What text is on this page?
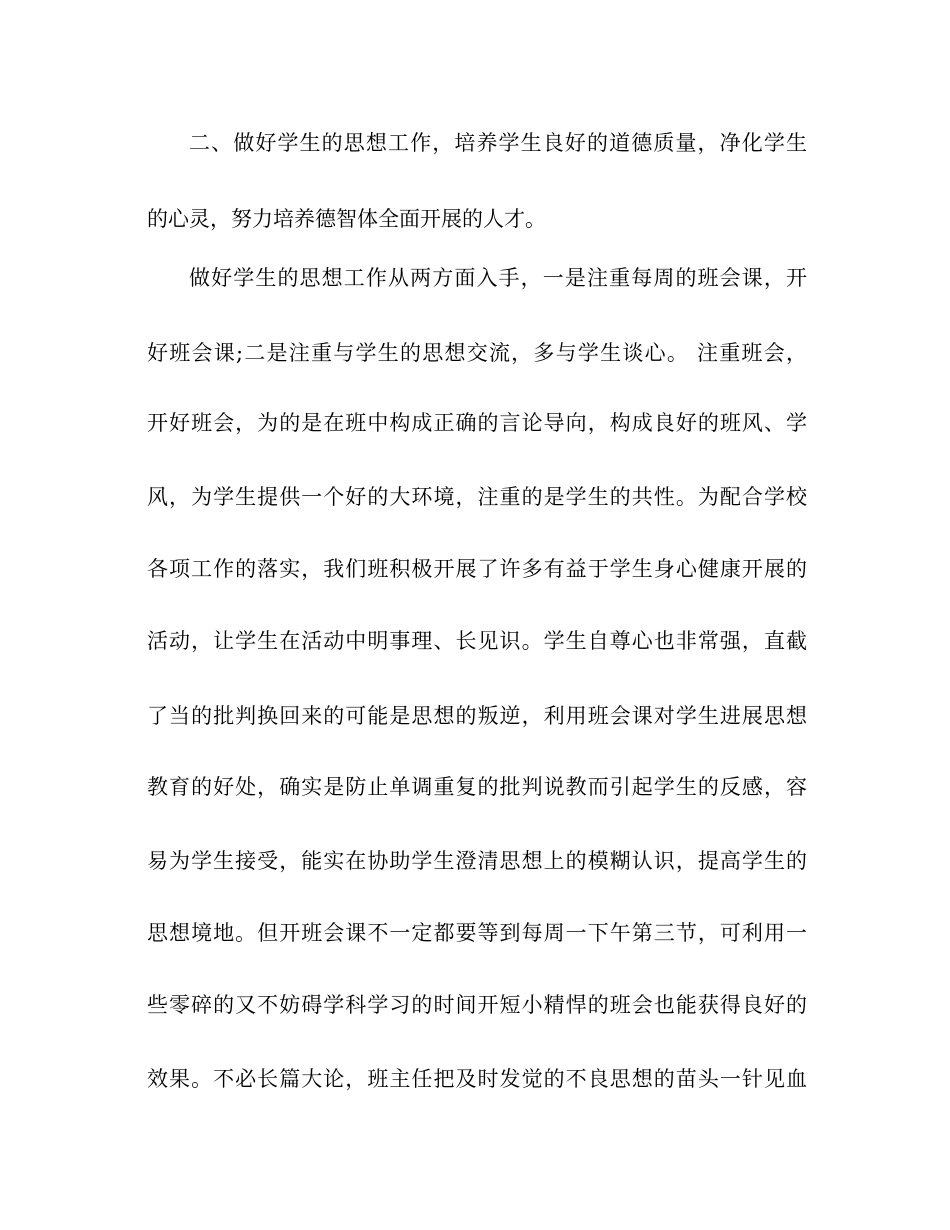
二、做好学生的思想工作，培养学生良好的道德质量，净化学生
的心灵，努力培养德智体全面开展的人才。
做好学生的思想工作从两方面入手，一是注重每周的班会课，开
好班会课;二是注重与学生的思想交流，多与学生谈心。 注重班会，
开好班会，为的是在班中构成正确的言论导向，构成良好的班风、学
风，为学生提供一个好的大环境，注重的是学生的共性。为配合学校
各项工作的落实，我们班积极开展了许多有益于学生身心健康开展的
活动，让学生在活动中明事理、长见识。学生自尊心也非常强，直截
了当的批判换回来的可能是思想的叛逆，利用班会课对学生进展思想
教育的好处，确实是防止单调重复的批判说教而引起学生的反感，容
易为学生接受，能实在协助学生澄清思想上的模糊认识，提高学生的
思想境地。但开班会课不一定都要等到每周一下午第三节，可利用一
些零碎的又不妨碍学科学习的时间开短小精悍的班会也能获得良好的
效果。不必长篇大论，班主任把及时发觉的不良思想的苗头一针见血
